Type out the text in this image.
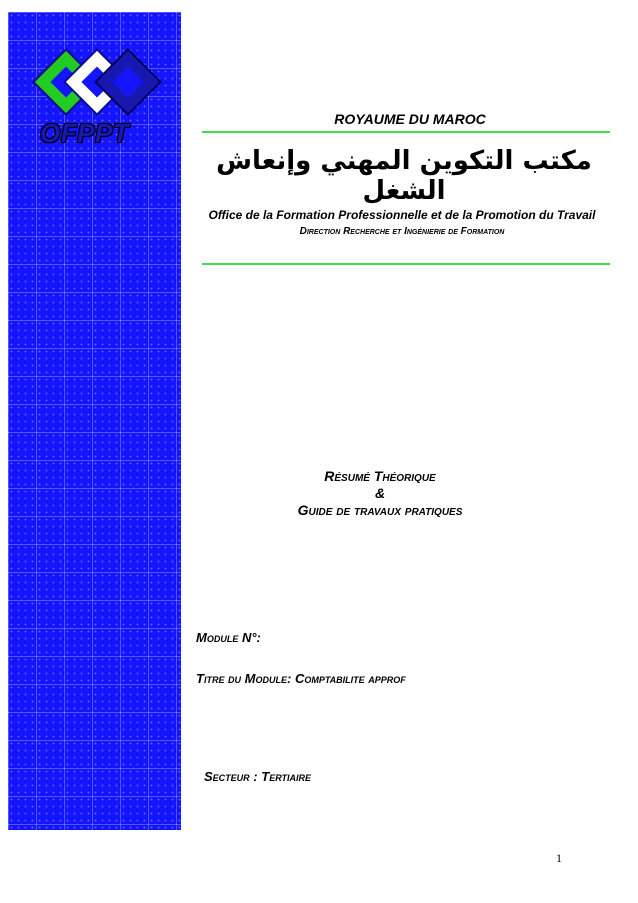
OFPPT	ROYAUME DU MAROC
مكتب التكوين المهني وإنعاش الشغل
Office de la Formation Professionnelle et de la Promotion du Travail
Direction Recherche et Ingénierie de Formation
Résumé Théorique
&
Guide de travaux pratiques
Module N°:
Titre du Module: Comptabilite approf
Secteur : Tertiaire
1
